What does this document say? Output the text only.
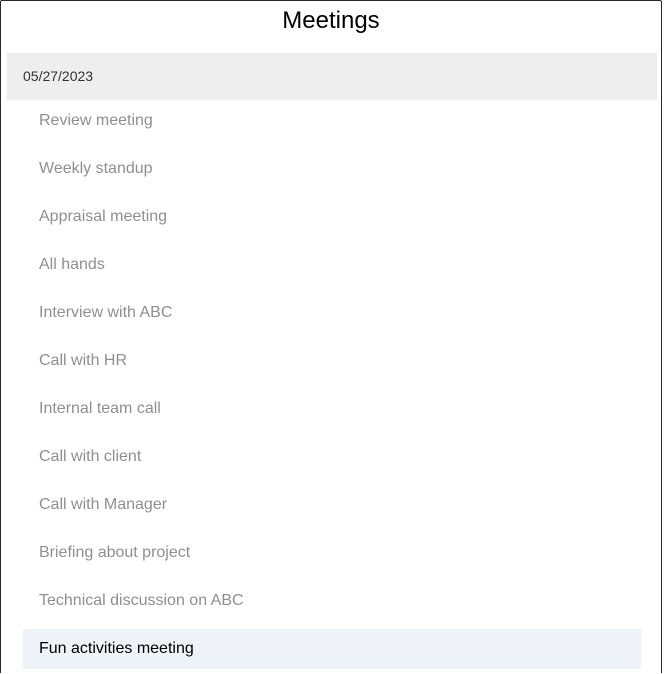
Meetings
05/27/2023
Review meeting
Weekly standup
Appraisal meeting
All hands
Interview with ABC
Call with HR
Internal team call
Call with client
Call with Manager
Briefing about project
Technical discussion on ABC
Fun activities meeting
